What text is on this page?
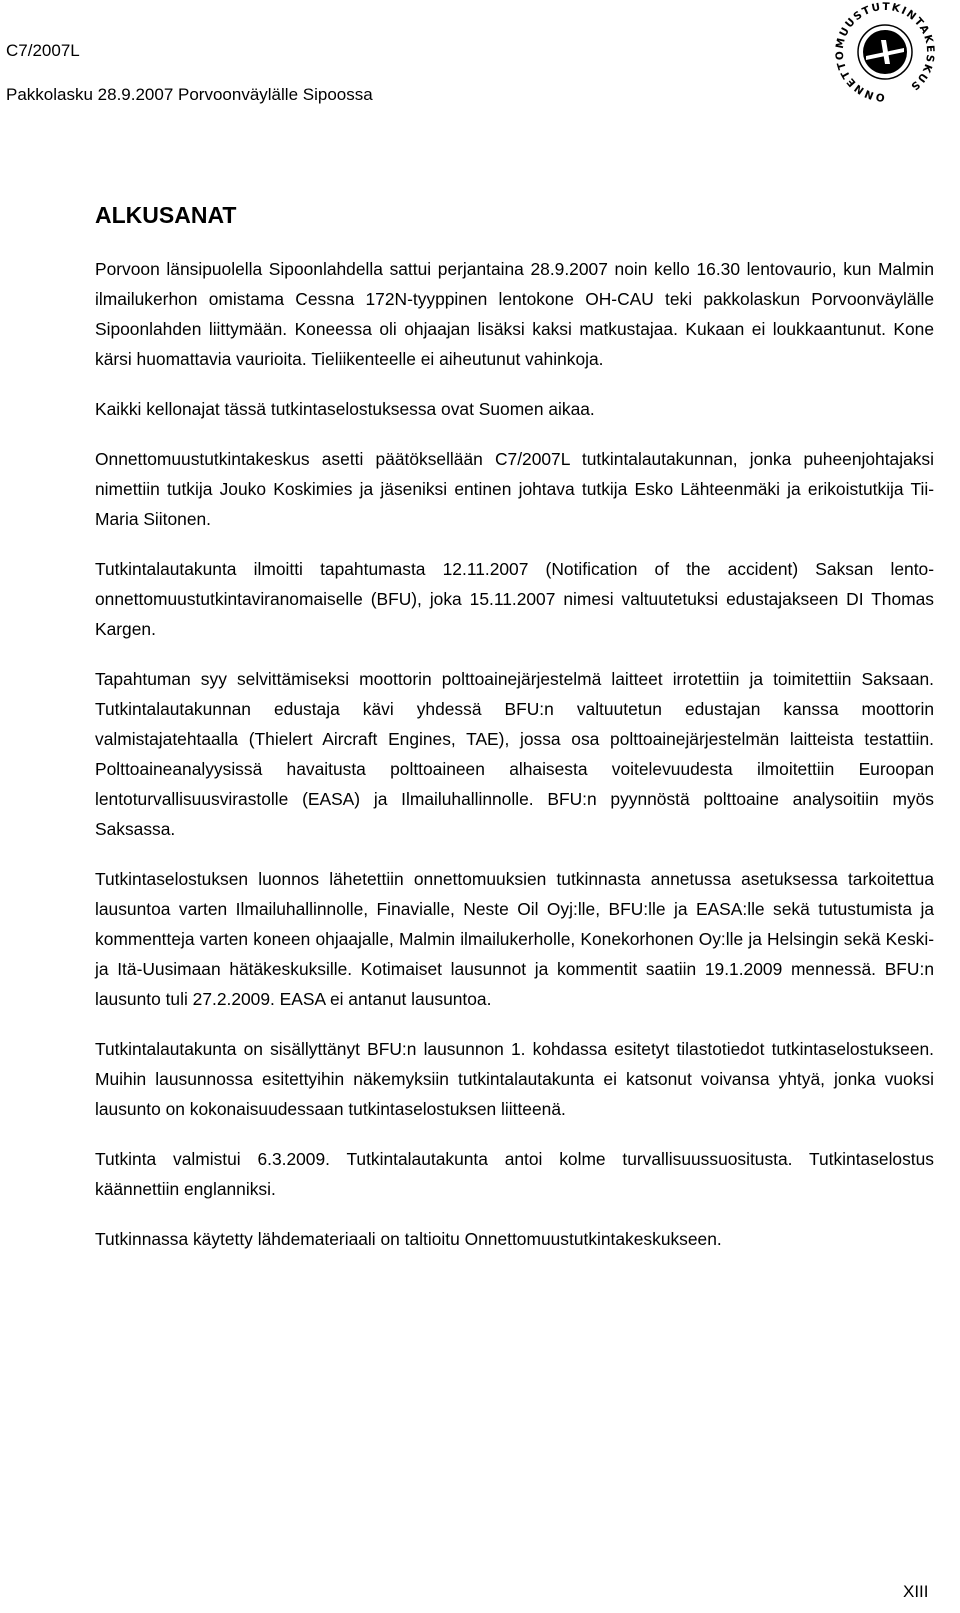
C7/2007L
Pakkolasku 28.9.2007 Porvoonväylälle Sipoossa	ONNETTOMUUSTUTKINTAKESKUS
ALKUSANAT

Porvoon länsipuolella Sipoonlahdella sattui perjantaina 28.9.2007 noin kello 16.30 lentovaurio, kun Malmin ilmailukerhon omistama Cessna 172N-tyyppinen lentokone OH-CAU teki pakkolaskun Porvoonväylälle Sipoonlahden liittymään. Koneessa oli ohjaajan lisäksi kaksi matkustajaa. Kukaan ei loukkaantunut. Kone kärsi huomattavia vaurioita. Tieliikenteelle ei aiheutunut vahinkoja.

Kaikki kellonajat tässä tutkintaselostuksessa ovat Suomen aikaa.

Onnettomuustutkintakeskus asetti päätöksellään C7/2007L tutkintalautakunnan, jonka puheenjohtajaksi nimettiin tutkija Jouko Koskimies ja jäseniksi entinen johtava tutkija Esko Lähteenmäki ja erikoistutkija Tii-Maria Siitonen.

Tutkintalautakunta ilmoitti tapahtumasta 12.11.2007 (Notification of the accident) Saksan lento-onnettomuustutkintaviranomaiselle (BFU), joka 15.11.2007 nimesi valtuutetuksi edustajakseen DI Thomas Kargen.

Tapahtuman syy selvittämiseksi moottorin polttoainejärjestelmä laitteet irrotettiin ja toimitettiin Saksaan. Tutkintalautakunnan edustaja kävi yhdessä BFU:n valtuutetun edustajan kanssa moottorin valmistajatehtaalla (Thielert Aircraft Engines, TAE), jossa osa polttoainejärjestelmän laitteista testattiin. Polttoaineanalyysissä havaitusta polttoaineen alhaisesta voitelevuudesta ilmoitettiin Euroopan lentoturvallisuusvirastolle (EASA) ja Ilmailuhallinnolle. BFU:n pyynnöstä polttoaine analysoitiin myös Saksassa.

Tutkintaselostuksen luonnos lähetettiin onnettomuuksien tutkinnasta annetussa asetuksessa tarkoitettua lausuntoa varten Ilmailuhallinnolle, Finavialle, Neste Oil Oyj:lle, BFU:lle ja EASA:lle sekä tutustumista ja kommentteja varten koneen ohjaajalle, Malmin ilmailukerholle, Konekorhonen Oy:lle ja Helsingin sekä Keski- ja Itä-Uusimaan hätäkeskuksille. Kotimaiset lausunnot ja kommentit saatiin 19.1.2009 mennessä. BFU:n lausunto tuli 27.2.2009. EASA ei antanut lausuntoa.

Tutkintalautakunta on sisällyttänyt BFU:n lausunnon 1. kohdassa esitetyt tilastotiedot tutkintaselostukseen. Muihin lausunnossa esitettyihin näkemyksiin tutkintalautakunta ei katsonut voivansa yhtyä, jonka vuoksi lausunto on kokonaisuudessaan tutkintaselostuksen liitteenä.

Tutkinta valmistui 6.3.2009. Tutkintalautakunta antoi kolme turvallisuussuositusta. Tutkintaselostus käännettiin englanniksi.

Tutkinnassa käytetty lähdemateriaali on taltioitu Onnettomuustutkintakeskukseen.

XIII
